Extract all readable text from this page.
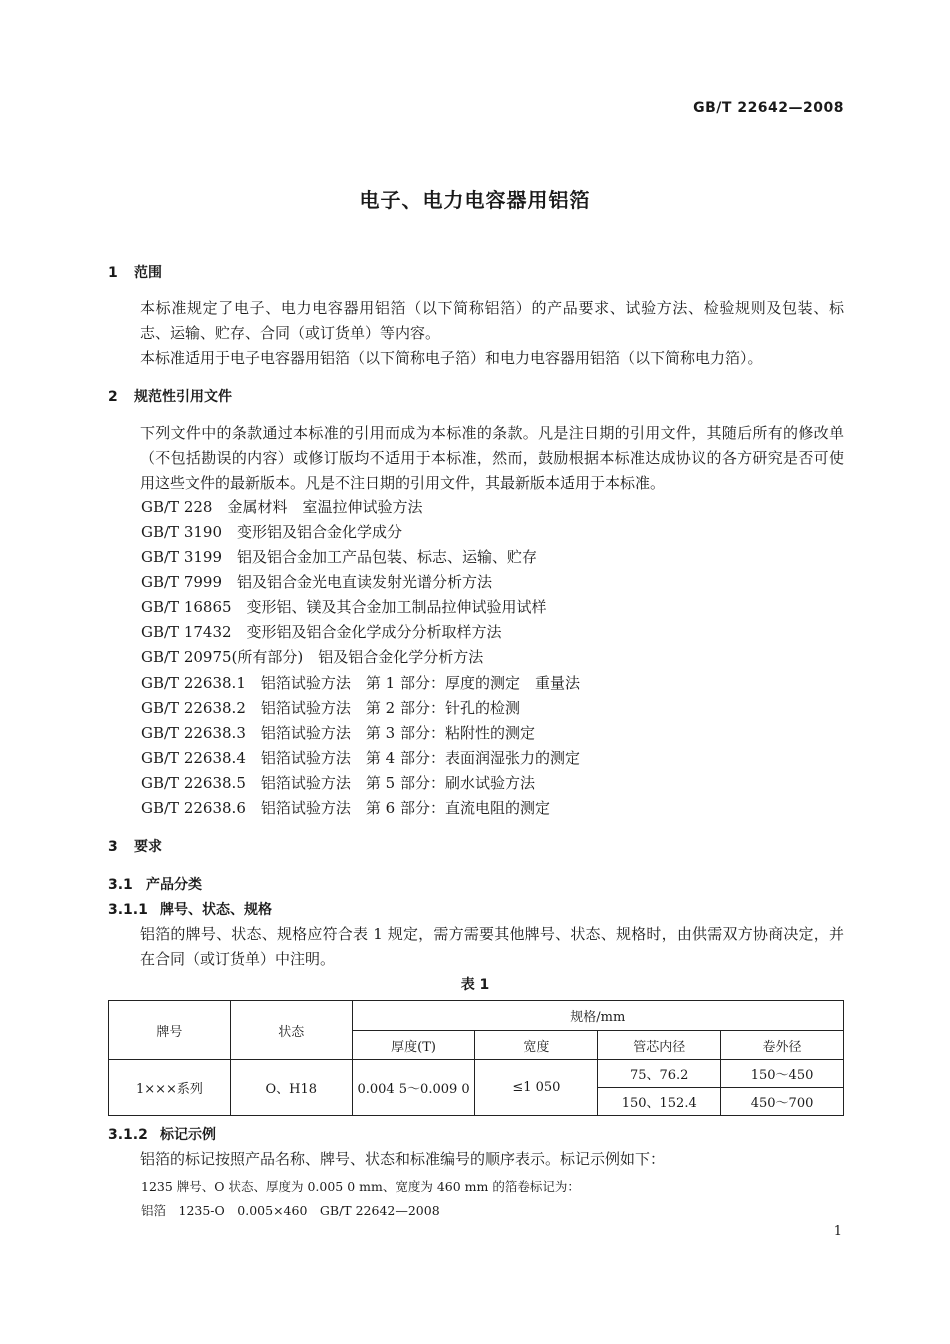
GB/T 22642—2008
电子、电力电容器用铝箔
1 范围
本标准规定了电子、电力电容器用铝箔（以下简称铝箔）的产品要求、试验方法、检验规则及包装、标志、运输、贮存、合同（或订货单）等内容。
本标准适用于电子电容器用铝箔（以下简称电子箔）和电力电容器用铝箔（以下简称电力箔）。
2 规范性引用文件
下列文件中的条款通过本标准的引用而成为本标准的条款。凡是注日期的引用文件，其随后所有的修改单（不包括勘误的内容）或修订版均不适用于本标准，然而，鼓励根据本标准达成协议的各方研究是否可使用这些文件的最新版本。凡是不注日期的引用文件，其最新版本适用于本标准。
GB/T 228　金属材料　室温拉伸试验方法
GB/T 3190　变形铝及铝合金化学成分
GB/T 3199　铝及铝合金加工产品包装、标志、运输、贮存
GB/T 7999　铝及铝合金光电直读发射光谱分析方法
GB/T 16865　变形铝、镁及其合金加工制品拉伸试验用试样
GB/T 17432　变形铝及铝合金化学成分分析取样方法
GB/T 20975(所有部分)　铝及铝合金化学分析方法
GB/T 22638.1　铝箔试验方法　第 1 部分：厚度的测定　重量法
GB/T 22638.2　铝箔试验方法　第 2 部分：针孔的检测
GB/T 22638.3　铝箔试验方法　第 3 部分：粘附性的测定
GB/T 22638.4　铝箔试验方法　第 4 部分：表面润湿张力的测定
GB/T 22638.5　铝箔试验方法　第 5 部分：刷水试验方法
GB/T 22638.6　铝箔试验方法　第 6 部分：直流电阻的测定
3 要求
3.1 产品分类
3.1.1 牌号、状态、规格
铝箔的牌号、状态、规格应符合表 1 规定，需方需要其他牌号、状态、规格时，由供需双方协商决定，并在合同（或订货单）中注明。
表 1
牌号	状态	规格/mm			
		厚度(T)	宽度	管芯内径	卷外径
1×××系列	O、H18	0.004 5～0.009 0	≤1 050	75、76.2	150～450
				150、152.4	450～700
3.1.2 标记示例
铝箔的标记按照产品名称、牌号、状态和标准编号的顺序表示。标记示例如下：
1235 牌号、O 状态、厚度为 0.005 0 mm、宽度为 460 mm 的箔卷标记为：
铝箔　1235-O　0.005×460　GB/T 22642—2008
1
